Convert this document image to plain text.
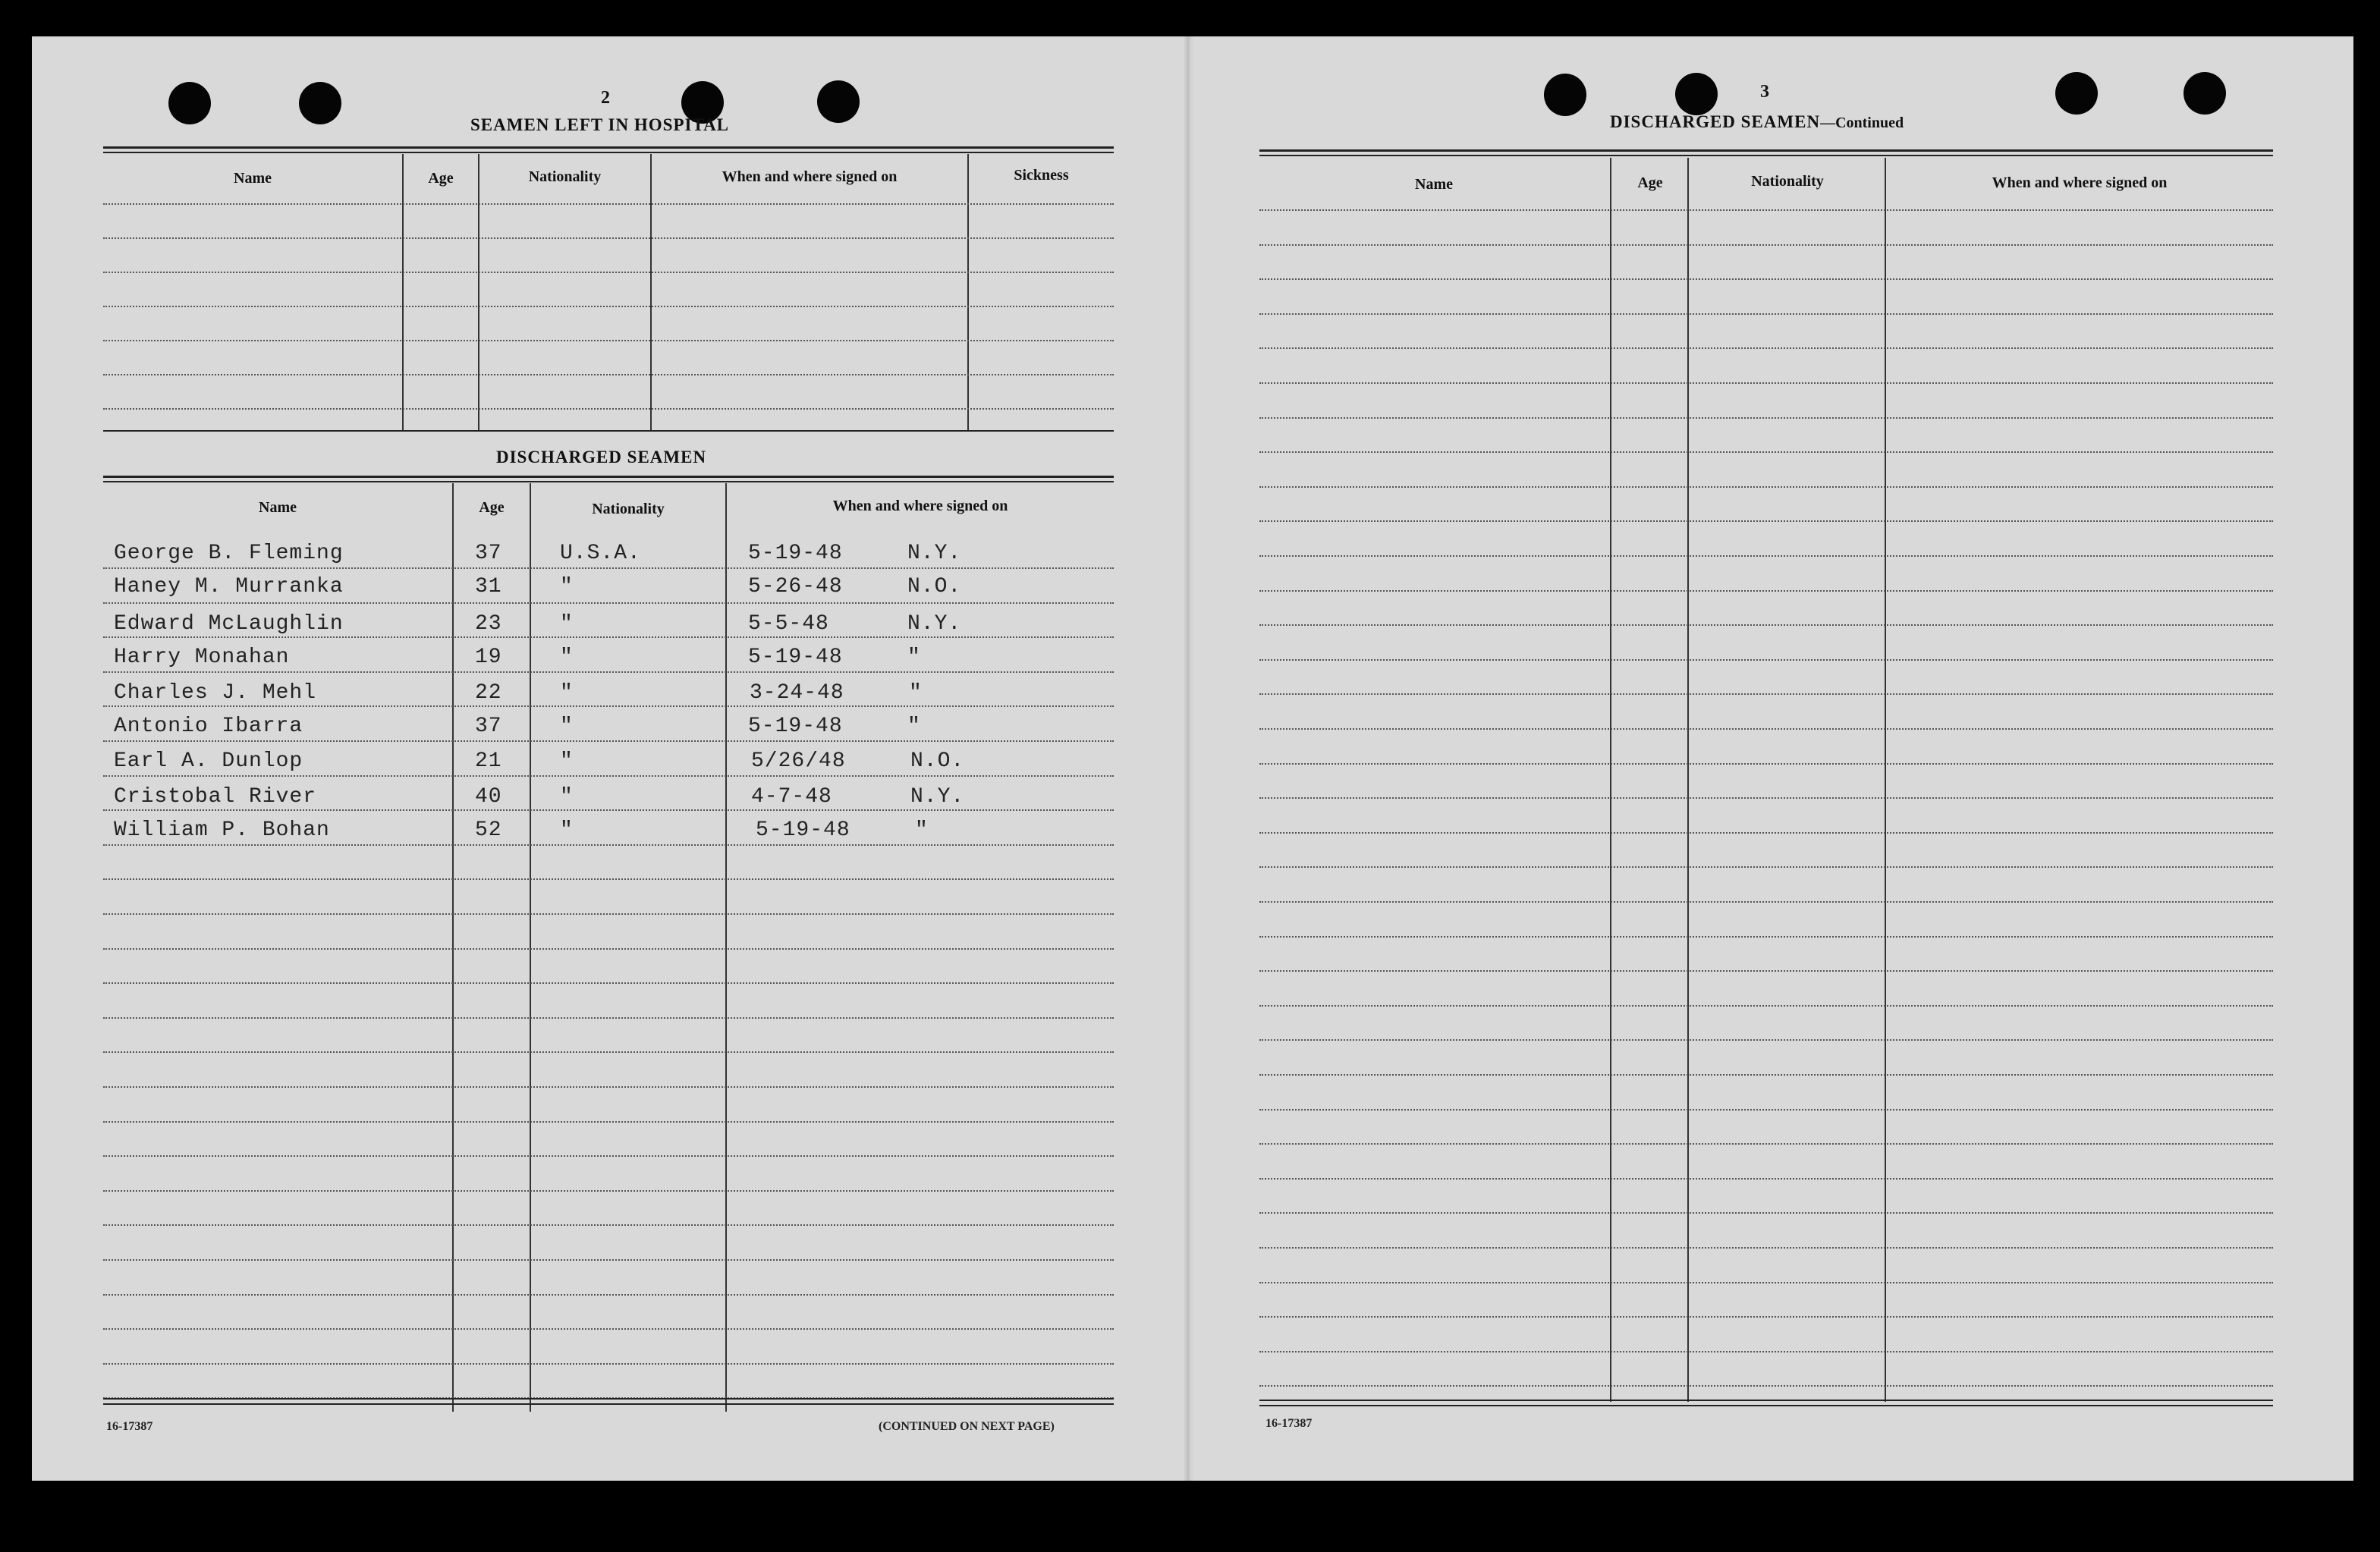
2
SEAMEN LEFT IN HOSPITAL
Name	Age	Nationality	When and where signed on	Sickness
DISCHARGED SEAMEN
Name	Age	Nationality	When and where signed on
George B. Fleming	37	U.S.A.	5-19-48	N.Y.
Haney M. Murranka	31	"	5-26-48	N.O.
Edward McLaughlin	23	"	5-5-48	N.Y.
Harry Monahan	19	"	5-19-48	"
Charles J. Mehl	22	"	3-24-48	"
Antonio Ibarra	37	"	5-19-48	"
Earl A. Dunlop	21	"	5/26/48	N.O.
Cristobal River	40	"	4-7-48	N.Y.
William P. Bohan	52	"	5-19-48	"
16-17387	(CONTINUED ON NEXT PAGE)
3
DISCHARGED SEAMEN—Continued
Name	Age	Nationality	When and where signed on
16-17387
